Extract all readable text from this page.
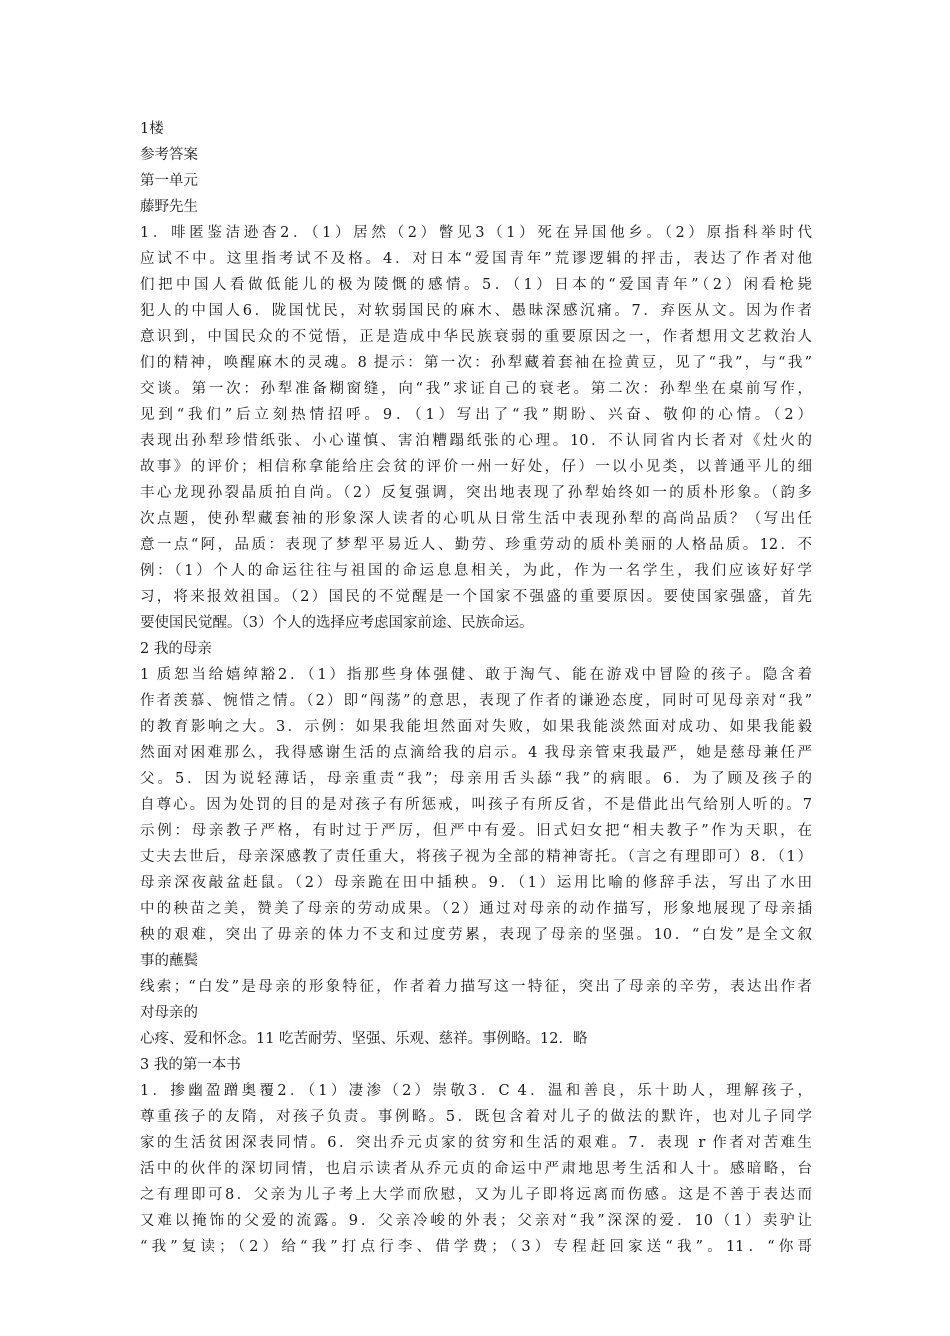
1楼
参考答案
第一单元
藤野先生
1．啡匿鉴洁逊杳2．（1）居然（2）瞥见3（1）死在异国他乡。（2）原指科举时代
应试不中。这里指考试不及格。4．对日本“爱国青年”荒谬逻辑的抨击，表达了作者对他
们把中国人看做低能儿的极为陵慨的感情。5．（1）日本的“爱国青年”（2）闲看枪毙
犯人的中国人6．陇国忧民，对软弱国民的麻木、愚昧深感沉痛。7．弃医从文。因为作者
意识到，中国民众的不觉悟，正是造成中华民族衰弱的重要原因之一，作者想用文艺救治人
们的精神，唤醒麻木的灵魂。8 提示：第一次：孙犁藏着套袖在捡黄豆，见了“我”，与“我”
交谈。第一次：孙犁准备糊窗缝，向“我”求证自己的衰老。第二次：孙犁坐在桌前写作，
见到“我们”后立刻热情招呼。9．（1）写出了“我”期盼、兴奋、敬仰的心情。（2）
表现出孙犁珍惜纸张、小心谨慎、害泊糟蹋纸张的心理。10．不认同省内长者对《灶火的
故事》的评价；相信称拿能给庄会贫的评价一州一好处，仔）一以小见类，以普通平儿的细
丰心龙现孙裂晶质拍自尚。（2）反复强调，突出地表现了孙犁始终如一的质朴形象。（韵多
次点题，使孙犁藏套袖的形象深人读者的心叽从日常生活中表现孙犁的高尚品质？（写出任
意一点“阿，品质：表现了梦犁平易近人、勤劳、珍重劳动的质朴美丽的人格品质。12．不
例：（1）个人的命运往往与祖国的命运息息相关，为此，作为一名学生，我们应该好好学
习，将来报效祖国。（2）国民的不觉醒是一个国家不强盛的重要原因。要使国家强盛，首先
要使国民觉醒。（3）个人的选择应考虑国家前途、民族命运。
2 我的母亲
1 质恕当给嬉绰豁2．（1）指那些身体强健、敢于淘气、能在游戏中冒险的孩子。隐含着
作者羡慕、惋惜之情。（2）即“闯荡”的意思，表现了作者的谦逊态度，同时可见母亲对“我”
的教育影响之大。3．示例：如果我能坦然面对失败，如果我能淡然面对成功、如果我能毅
然面对困难那么，我得感谢生活的点滴给我的启示。4 我母亲管束我最严，她是慈母兼任严
父。5．因为说轻薄话，母亲重责“我”；母亲用舌头舔“我”的病眼。6．为了顾及孩子的
自尊心。因为处罚的目的是对孩子有所惩戒，叫孩子有所反省，不是借此出气给别人听的。7
示例：母亲教子严格，有时过于严厉，但严中有爱。旧式妇女把“相夫教子”作为天职，在
丈夫去世后，母亲深感教了责任重大，将孩子视为全部的精神寄托。（言之有理即可）8．（1）
母亲深夜敲盆赶鼠。（2）母亲跪在田中插秧。9．（1）运用比喻的修辞手法，写出了水田
中的秧苗之美，赞美了母亲的劳动成果。（2）通过对母亲的动作描写，形象地展现了母亲插
秧的艰难，突出了毋亲的体力不支和过度劳累，表现了母亲的坚强。10．“白发”是全文叙
事的蘸鬓
线索；“白发”是母亲的形象特征，作者着力描写这一特征，突出了母亲的辛劳，表达出作者
对母亲的
心疼、爱和怀念。11 吃苦耐劳、坚强、乐观、慈祥。事例略。12．略
3 我的第一本书
1．掺幽盈蹭奥覆2．（1）凄渗（2）崇敬3．C 4．温和善良，乐十助人，理解孩子，
尊重孩子的友隋，对孩子负责。事例略。5．既包含着对儿子的做法的默许，也对儿子同学
家的生活贫困深表同情。6．突出乔元贞家的贫穷和生活的艰难。7．表现 r 作者对苦难生
活中的伙伴的深切同情，也启示读者从乔元贞的命运中严肃地思考生活和人十。感暗略，台
之有理即可8．父亲为儿子考上大学而欣慰，又为儿子即将远离而伤感。这是不善于表达而
又难以掩饰的父爱的流露。9．父亲冷峻的外表；父亲对“我”深深的爱．10（1）卖驴让
“我”复读；（2）给“我”打点行李、借学费；（3）专程赶回家送“我”。11．“你哥
